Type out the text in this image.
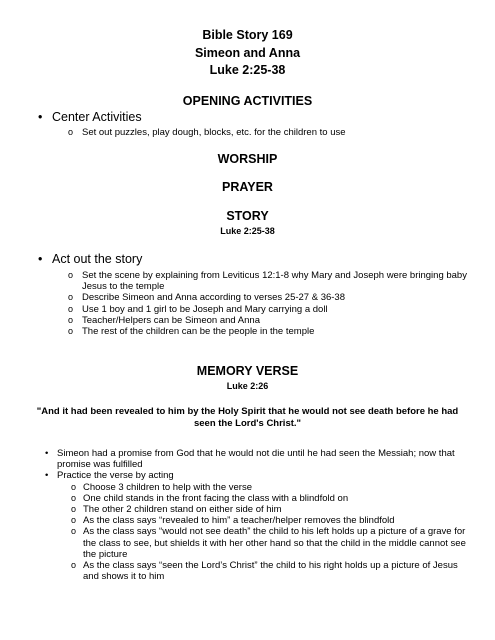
Bible Story 169
Simeon and Anna
Luke 2:25-38
OPENING ACTIVITIES
• Center Activities
o Set out puzzles, play dough, blocks, etc. for the children to use
WORSHIP
PRAYER
STORY
Luke 2:25-38
• Act out the story
o Set the scene by explaining from Leviticus 12:1-8 why Mary and Joseph were bringing baby Jesus to the temple
o Describe Simeon and Anna according to verses 25-27 & 36-38
o Use 1 boy and 1 girl to be Joseph and Mary carrying a doll
o Teacher/Helpers can be Simeon and Anna
o The rest of the children can be the people in the temple
MEMORY VERSE
Luke 2:26
"And it had been revealed to him by the Holy Spirit that he would not see death before he had seen the Lord's Christ."
• Simeon had a promise from God that he would not die until he had seen the Messiah; now that promise was fulfilled
• Practice the verse by acting
o Choose 3 children to help with the verse
o One child stands in the front facing the class with a blindfold on
o The other 2 children stand on either side of him
o As the class says “revealed to him” a teacher/helper removes the blindfold
o As the class says “would not see death” the child to his left holds up a picture of a grave for the class to see, but shields it with her other hand so that the child in the middle cannot see the picture
o As the class says “seen the Lord’s Christ” the child to his right holds up a picture of Jesus and shows it to him
